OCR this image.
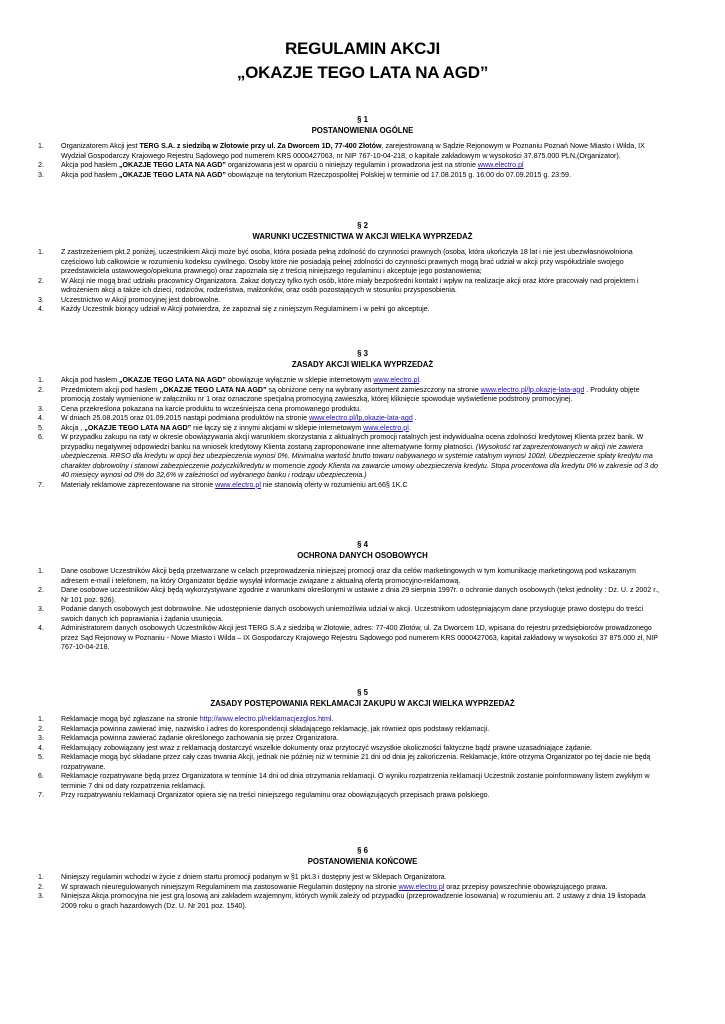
REGULAMIN AKCJI
„OKAZJE TEGO LATA NA AGD”
§ 1
POSTANOWIENIA OGÓLNE
1. Organizatorem Akcji jest TERG S.A. z siedzibą w Złotowie przy ul. Za Dworcem 1D, 77-400 Złotów, zarejestrowaną w Sądzie Rejonowym w Poznaniu Poznań Nowe Miasto i Wilda, IX Wydział Gospodarczy Krajowego Rejestru Sądowego pod numerem KRS 0000427063, nr NIP 767-10-04-218, o kapitale zakładowym w wysokości 37.875.000 PLN,(Organizator).
2. Akcja pod hasłem „OKAZJE TEGO LATA NA AGD” organizowana jest w oparciu o niniejszy regulamin i prowadzona jest na stronie www.electro.pl
3. Akcja pod hasłem „OKAZJE TEGO LATA NA AGD” obowiązuje na terytorium Rzeczpospolitej Polskiej w terminie od 17.08.2015 g. 16:00 do 07.09.2015 g. 23:59.
§ 2
WARUNKI UCZESTNICTWA W AKCJI WIELKA WYPRZEDAŻ
1. Z zastrzeżeniem pkt.2 poniżej, uczestnikiem Akcji może być osoba, która posiada pełną zdolność do czynności prawnych (osoba, która ukończyła 18 lat i nie jest ubezwłasnowolniona częściowo lub całkowicie w rozumieniu kodeksu cywilnego. Osoby które nie posiadają pełnej zdolności do czynności prawnych mogą brać udział w akcji przy współudziale swojego przedstawiciela ustawowego/opiekuna prawnego) oraz zapoznała się z treścią niniejszego regulaminu i akceptuje jego postanowienia;
2. W Akcji nie mogą brać udziału pracownicy Organizatora. Zakaz dotyczy tylko tych osób, które miały bezpośredni kontakt i wpływ na realizacje akcji oraz które pracowały nad projektem i wdrożeniem akcji a także ich dzieci, rodziców, rodzeństwa, małżonków, oraz osób pozostających w stosunku przysposobienia.
3. Uczestnictwo w Akcji promocyjnej jest dobrowolne.
4. Każdy Uczestnik biorący udział w Akcji potwierdza, że zapoznał się z niniejszym Regulaminem i w pełni go akceptuje.
§ 3
ZASADY AKCJI WIELKA WYPRZEDAŻ
1. Akcja pod hasłem „OKAZJE TEGO LATA NA AGD” obowiązuje wyłącznie w sklepie internetowym www.electro.pl.
2. Przedmiotem akcji pod hasłem „OKAZJE TEGO LATA NA AGD” są obniżone ceny na wybrany asortyment zamieszczony na stronie www.electro.pl/lp,okazje-lata-agd . Produkty objęte promocją zostały wymienione w załączniku nr 1 oraz oznaczone specjalną promocyjną zawieszką, której kliknięcie spowoduje wyświetlenie podstrony promocyjnej.
3. Cena przekreślona pokazana na karcie produktu to wcześniejsza cena promowanego produktu.
4. W dniach 25.08.2015 oraz 01.09.2015 nastąpi podmiana produktów na stronie www.electro.pl/lp,okazje-lata-agd .
5. Akcja , „OKAZJE TEGO LATA NA AGD” nie łączy się z innymi akcjami w sklepie internetowym www.electro.pl.
6. W przypadku zakupu na raty w okresie obowiązywania akcji warunkiem skorzystania z aktualnych promocji ratalnych jest indywidualna ocena zdolności kredytowej Klienta przez bank. W przypadku negatywnej odpowiedzi banku na wniosek kredytowy Klienta zostaną zaproponowane inne alternatywne formy płatności. (Wysokość rat zaprezentowanych w akcji nie zawiera ubezpieczenia. RRSO dla kredytu w opcji bez ubezpieczenia wynosi 0%. Minimalna wartość brutto towaru nabywanego w systemie ratalnym wynosi 100zł. Ubezpieczenie spłaty kredytu ma charakter dobrowolny i stanowi zabezpieczenie pożyczki/kredytu w momencie zgody Klienta na zawarcie umowy ubezpieczenia kredytu. Stopa procentowa dla kredytu 0% w zakresie od 3 do 40 miesięcy wynosi od 0% do 32,6% w zależności od wybranego banku i rodzaju ubezpieczenia.)
7. Materiały reklamowe zaprezentowane na stronie www.electro.pl nie stanowią oferty w rozumieniu art.66§ 1K.C
§ 4
OCHRONA DANYCH OSOBOWYCH
1. Dane osobowe Uczestników Akcji będą przetwarzane w celach przeprowadzenia niniejszej promocji oraz dla celów marketingowych w tym komunikację marketingową pod wskazanym adresem e-mail i telefonem, na który Organizator będzie wysyłał informacje związane z aktualną ofertą promocyjno-reklamową.
2. Dane osobowe uczestników Akcji będą wykorzystywane zgodnie z warunkami określonymi w ustawie z dnia 29 sierpnia 1997r. o ochronie danych osobowych (tekst jednolity : Dz. U. z 2002 r., Nr 101 poz. 926).
3. Podanie danych osobowych jest dobrowolne. Nie udostępnienie danych osobowych uniemożliwia udział w akcji. Uczestnikom udostępniającym dane przysługuje prawo dostępu do treści swoich danych ich poprawiania i żądania usunięcia.
4. Administratorem danych osobowych Uczestników Akcji jest TERG S.A z siedzibą w Złotowie, adres: 77-400 Złotów, ul. Za Dworcem 1D, wpisana do rejestru przedsiębiorców prowadzonego przez Sąd Rejonowy w Poznaniu - Nowe Miasto i Wilda – IX Gospodarczy Krajowego Rejestru Sądowego pod numerem KRS 0000427063, kapitał zakładowy w wysokości 37 875.000 zł, NIP 767-10-04-218.
§ 5
ZASADY POSTĘPOWANIA REKLAMACJI ZAKUPU W AKCJI WIELKA WYPRZEDAŻ
1. Reklamacje mogą być zgłaszane na stronie http://www.electro.pl/reklamacjezglos.html.
2. Reklamacja powinna zawierać imię, nazwisko i adres do korespondencji składającego reklamację, jak również opis podstawy reklamacji.
3. Reklamacja powinna zawierać żądanie określonego zachowania się przez Organizatora.
4. Reklamujący zobowiązany jest wraz z reklamacją dostarczyć wszelkie dokumenty oraz przytoczyć wszystkie okoliczności faktyczne bądź prawne uzasadniające żądanie.
5. Reklamacje mogą być składane przez cały czas trwania Akcji, jednak nie później niż w terminie 21 dni od dnia jej zakończenia. Reklamacje, które otrzyma Organizator po tej dacie nie będą rozpatrywane.
6. Reklamacje rozpatrywane będą przez Organizatora w terminie 14 dni od dnia otrzymania reklamacji. O wyniku rozpatrzenia reklamacji Uczestnik zostanie poinformowany listem zwykłym w terminie 7 dni od daty rozpatrzenia reklamacji.
7. Przy rozpatrywaniu reklamacji Organizator opiera się na treści niniejszego regulaminu oraz obowiązujących przepisach prawa polskiego.
§ 6
POSTANOWIENIA KOŃCOWE
1. Niniejszy regulamin wchodzi w życie z dniem startu promocji podanym w §1 pkt.3 i dostępny jest w Sklepach Organizatora.
2. W sprawach nieuregulowanych niniejszym Regulaminem ma zastosowanie Regulamin dostępny na stronie www.electro.pl oraz przepisy powszechnie obowiązującego prawa.
3. Niniejsza Akcja promocyjna nie jest grą losową ani zakładem wzajemnym, których wynik zależy od przypadku (przeprowadzenie losowania) w rozumieniu art. 2 ustawy z dnia 19 listopada 2009 roku o grach hazardowych (Dz. U. Nr 201 poz. 1540).
